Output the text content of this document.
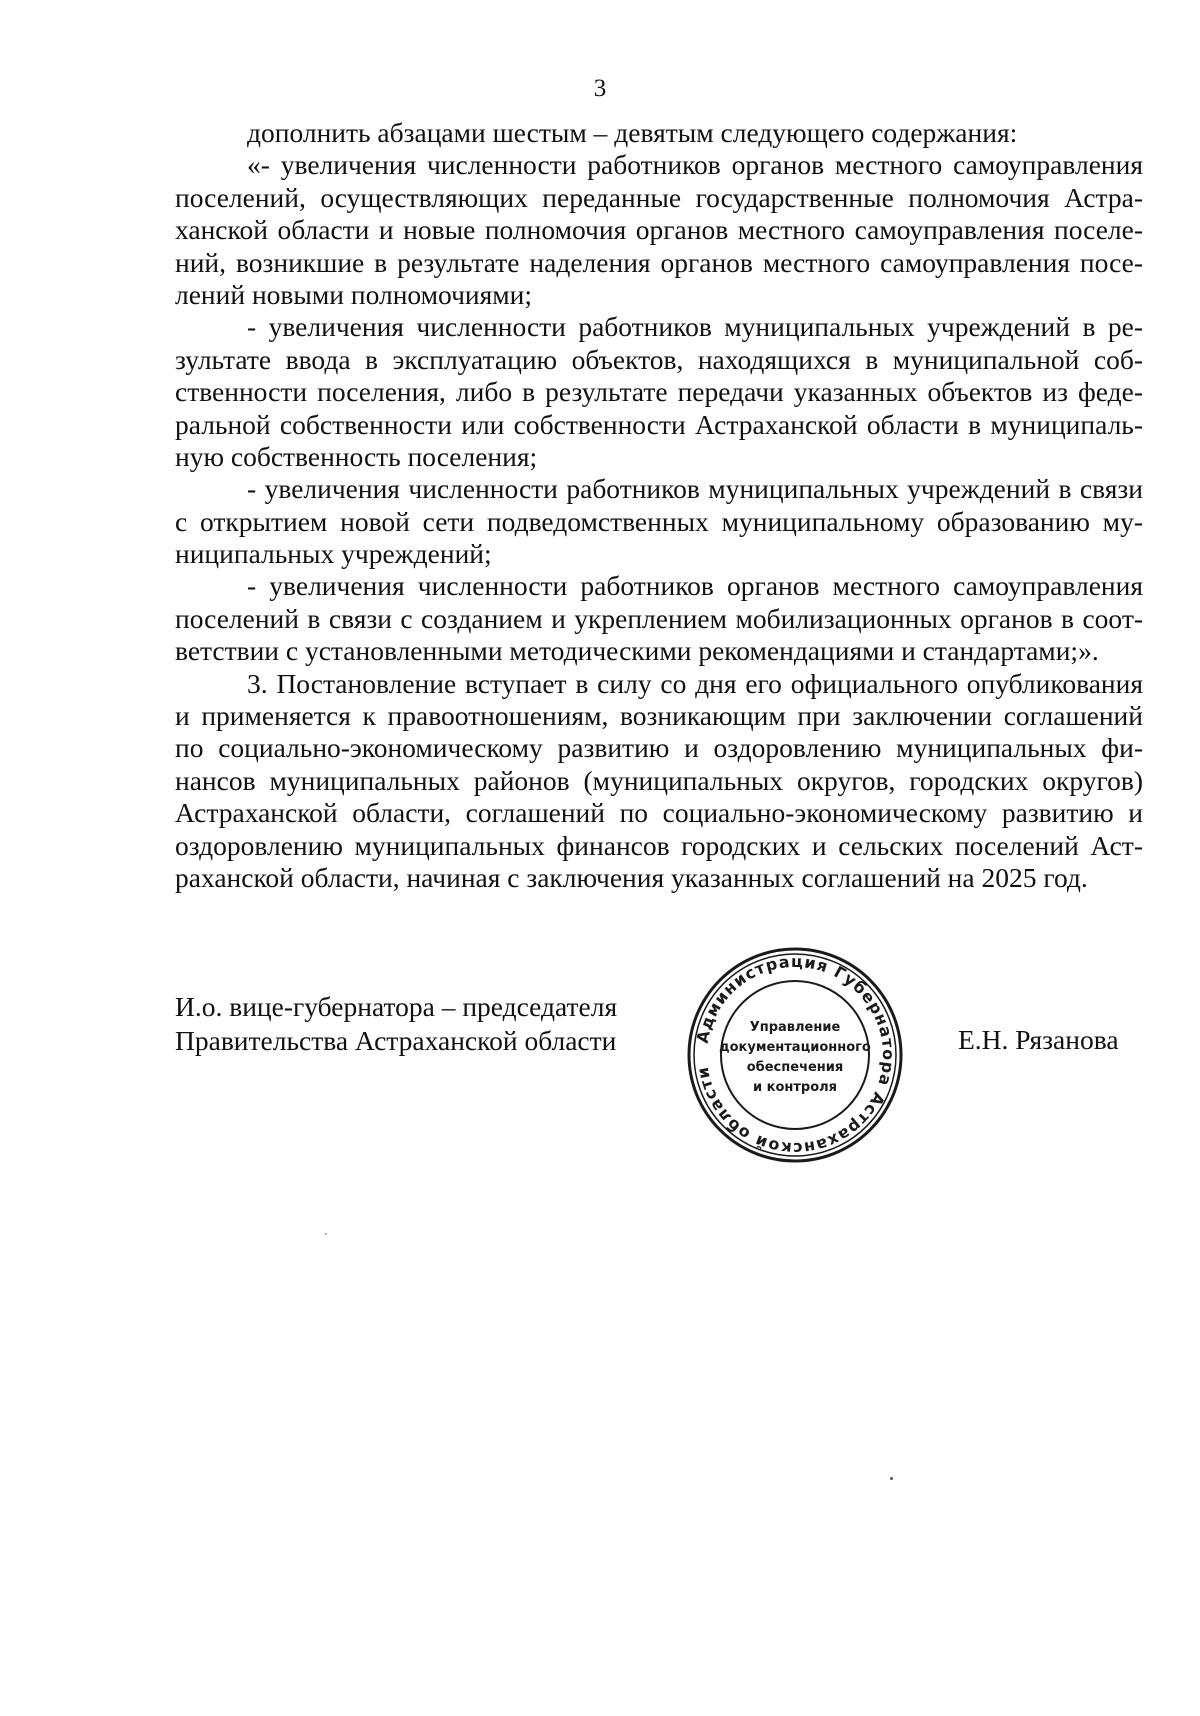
3

дополнить абзацами шестым – девятым следующего содержания:

«- увеличения численности работников органов местного самоуправления
поселений, осуществляющих переданные государственные полномочия Астра-
ханской области и новые полномочия органов местного самоуправления поселе-
ний, возникшие в результате наделения органов местного самоуправления посе-
лений новыми полномочиями;

- увеличения численности работников муниципальных учреждений в ре-
зультате ввода в эксплуатацию объектов, находящихся в муниципальной соб-
ственности поселения, либо в результате передачи указанных объектов из феде-
ральной собственности или собственности Астраханской области в муниципаль-
ную собственность поселения;

- увеличения численности работников муниципальных учреждений в связи
с открытием новой сети подведомственных муниципальному образованию му-
ниципальных учреждений;

- увеличения численности работников органов местного самоуправления
поселений в связи с созданием и укреплением мобилизационных органов в соот-
ветствии с установленными методическими рекомендациями и стандартами;».

3. Постановление вступает в силу со дня его официального опубликования
и применяется к правоотношениям, возникающим при заключении соглашений
по социально-экономическому развитию и оздоровлению муниципальных фи-
нансов муниципальных районов (муниципальных округов, городских округов)
Астраханской области, соглашений по социально-экономическому развитию и
оздоровлению муниципальных финансов городских и сельских поселений Аст-
раханской области, начиная с заключения указанных соглашений на 2025 год.

И.о. вице-губернатора – председателя
Правительства Астраханской области	Администрация Губернатора Астраханской области
Управление
документационного
обеспечения
и контроля
Е.Н. Рязанова
